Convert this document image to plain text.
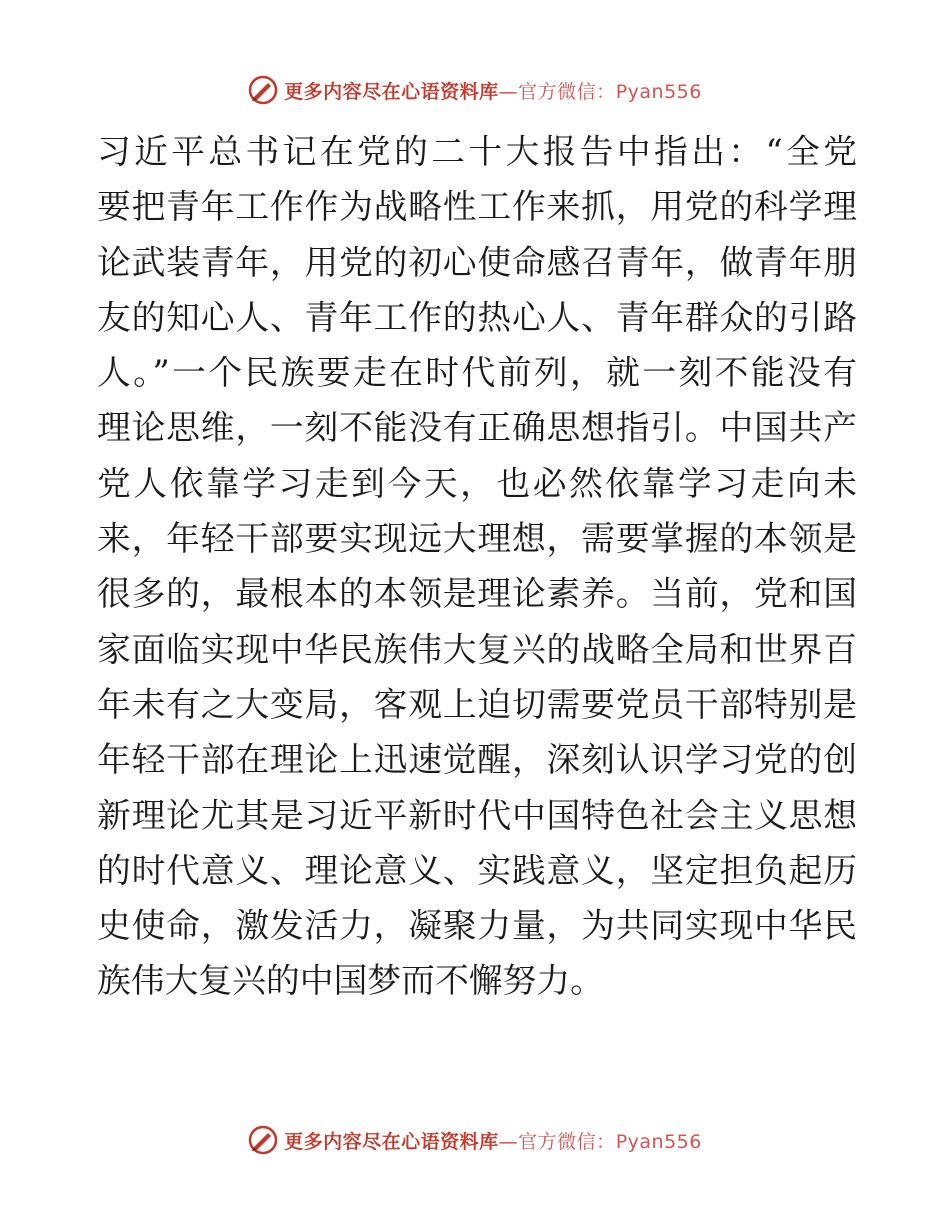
更多内容尽在心语资料库—官方微信：Pyan556
习近平总书记在党的二十大报告中指出：“全党
要把青年工作作为战略性工作来抓，用党的科学理
论武装青年，用党的初心使命感召青年，做青年朋
友的知心人、青年工作的热心人、青年群众的引路
人。”一个民族要走在时代前列，就一刻不能没有
理论思维，一刻不能没有正确思想指引。中国共产
党人依靠学习走到今天，也必然依靠学习走向未
来，年轻干部要实现远大理想，需要掌握的本领是
很多的，最根本的本领是理论素养。当前，党和国
家面临实现中华民族伟大复兴的战略全局和世界百
年未有之大变局，客观上迫切需要党员干部特别是
年轻干部在理论上迅速觉醒，深刻认识学习党的创
新理论尤其是习近平新时代中国特色社会主义思想
的时代意义、理论意义、实践意义，坚定担负起历
史使命，激发活力，凝聚力量，为共同实现中华民
族伟大复兴的中国梦而不懈努力。
更多内容尽在心语资料库—官方微信：Pyan556
